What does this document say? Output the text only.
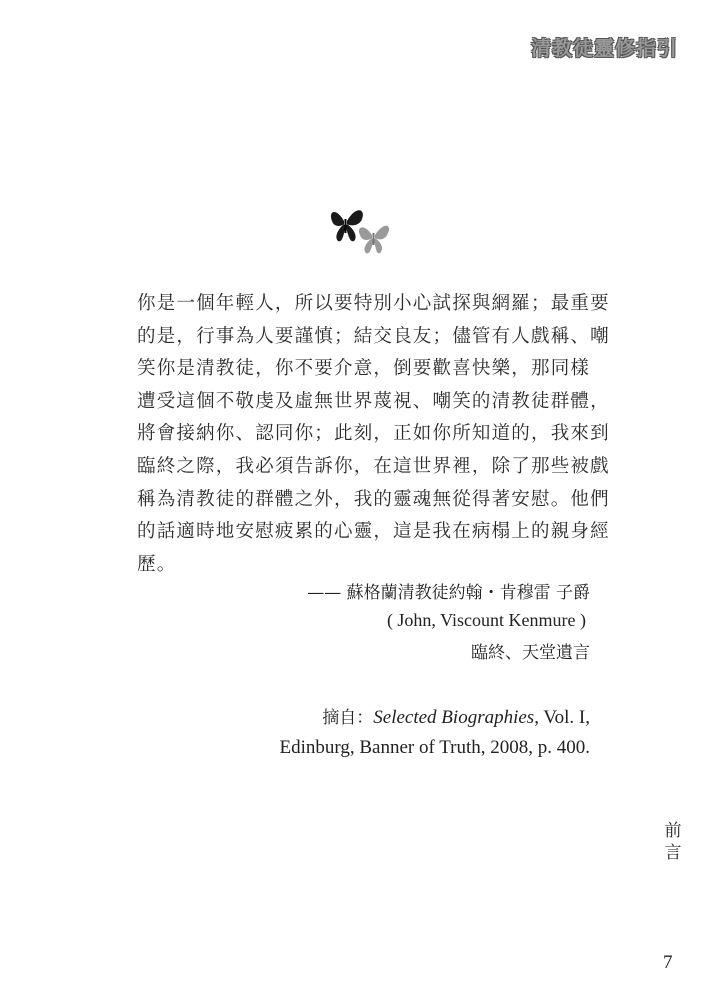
清教徒靈修指引
你是一個年輕人，所以要特別小心試探與網羅；最重要
的是，行事為人要謹慎；結交良友；儘管有人戲稱、嘲
笑你是清教徒，你不要介意，倒要歡喜快樂，那同樣
遭受這個不敬虔及虛無世界蔑視、嘲笑的清教徒群體，
將會接納你、認同你；此刻，正如你所知道的，我來到
臨終之際，我必須告訴你，在這世界裡，除了那些被戲
稱為清教徒的群體之外，我的靈魂無從得著安慰。他們
的話適時地安慰疲累的心靈，這是我在病榻上的親身經
歷。
—— 蘇格蘭清教徒約翰・肯穆雷 子爵
( John, Viscount Kenmure )
臨終、天堂遺言
摘自：Selected Biographies, Vol. I,
Edinburg, Banner of Truth, 2008, p. 400.
前
言
7
